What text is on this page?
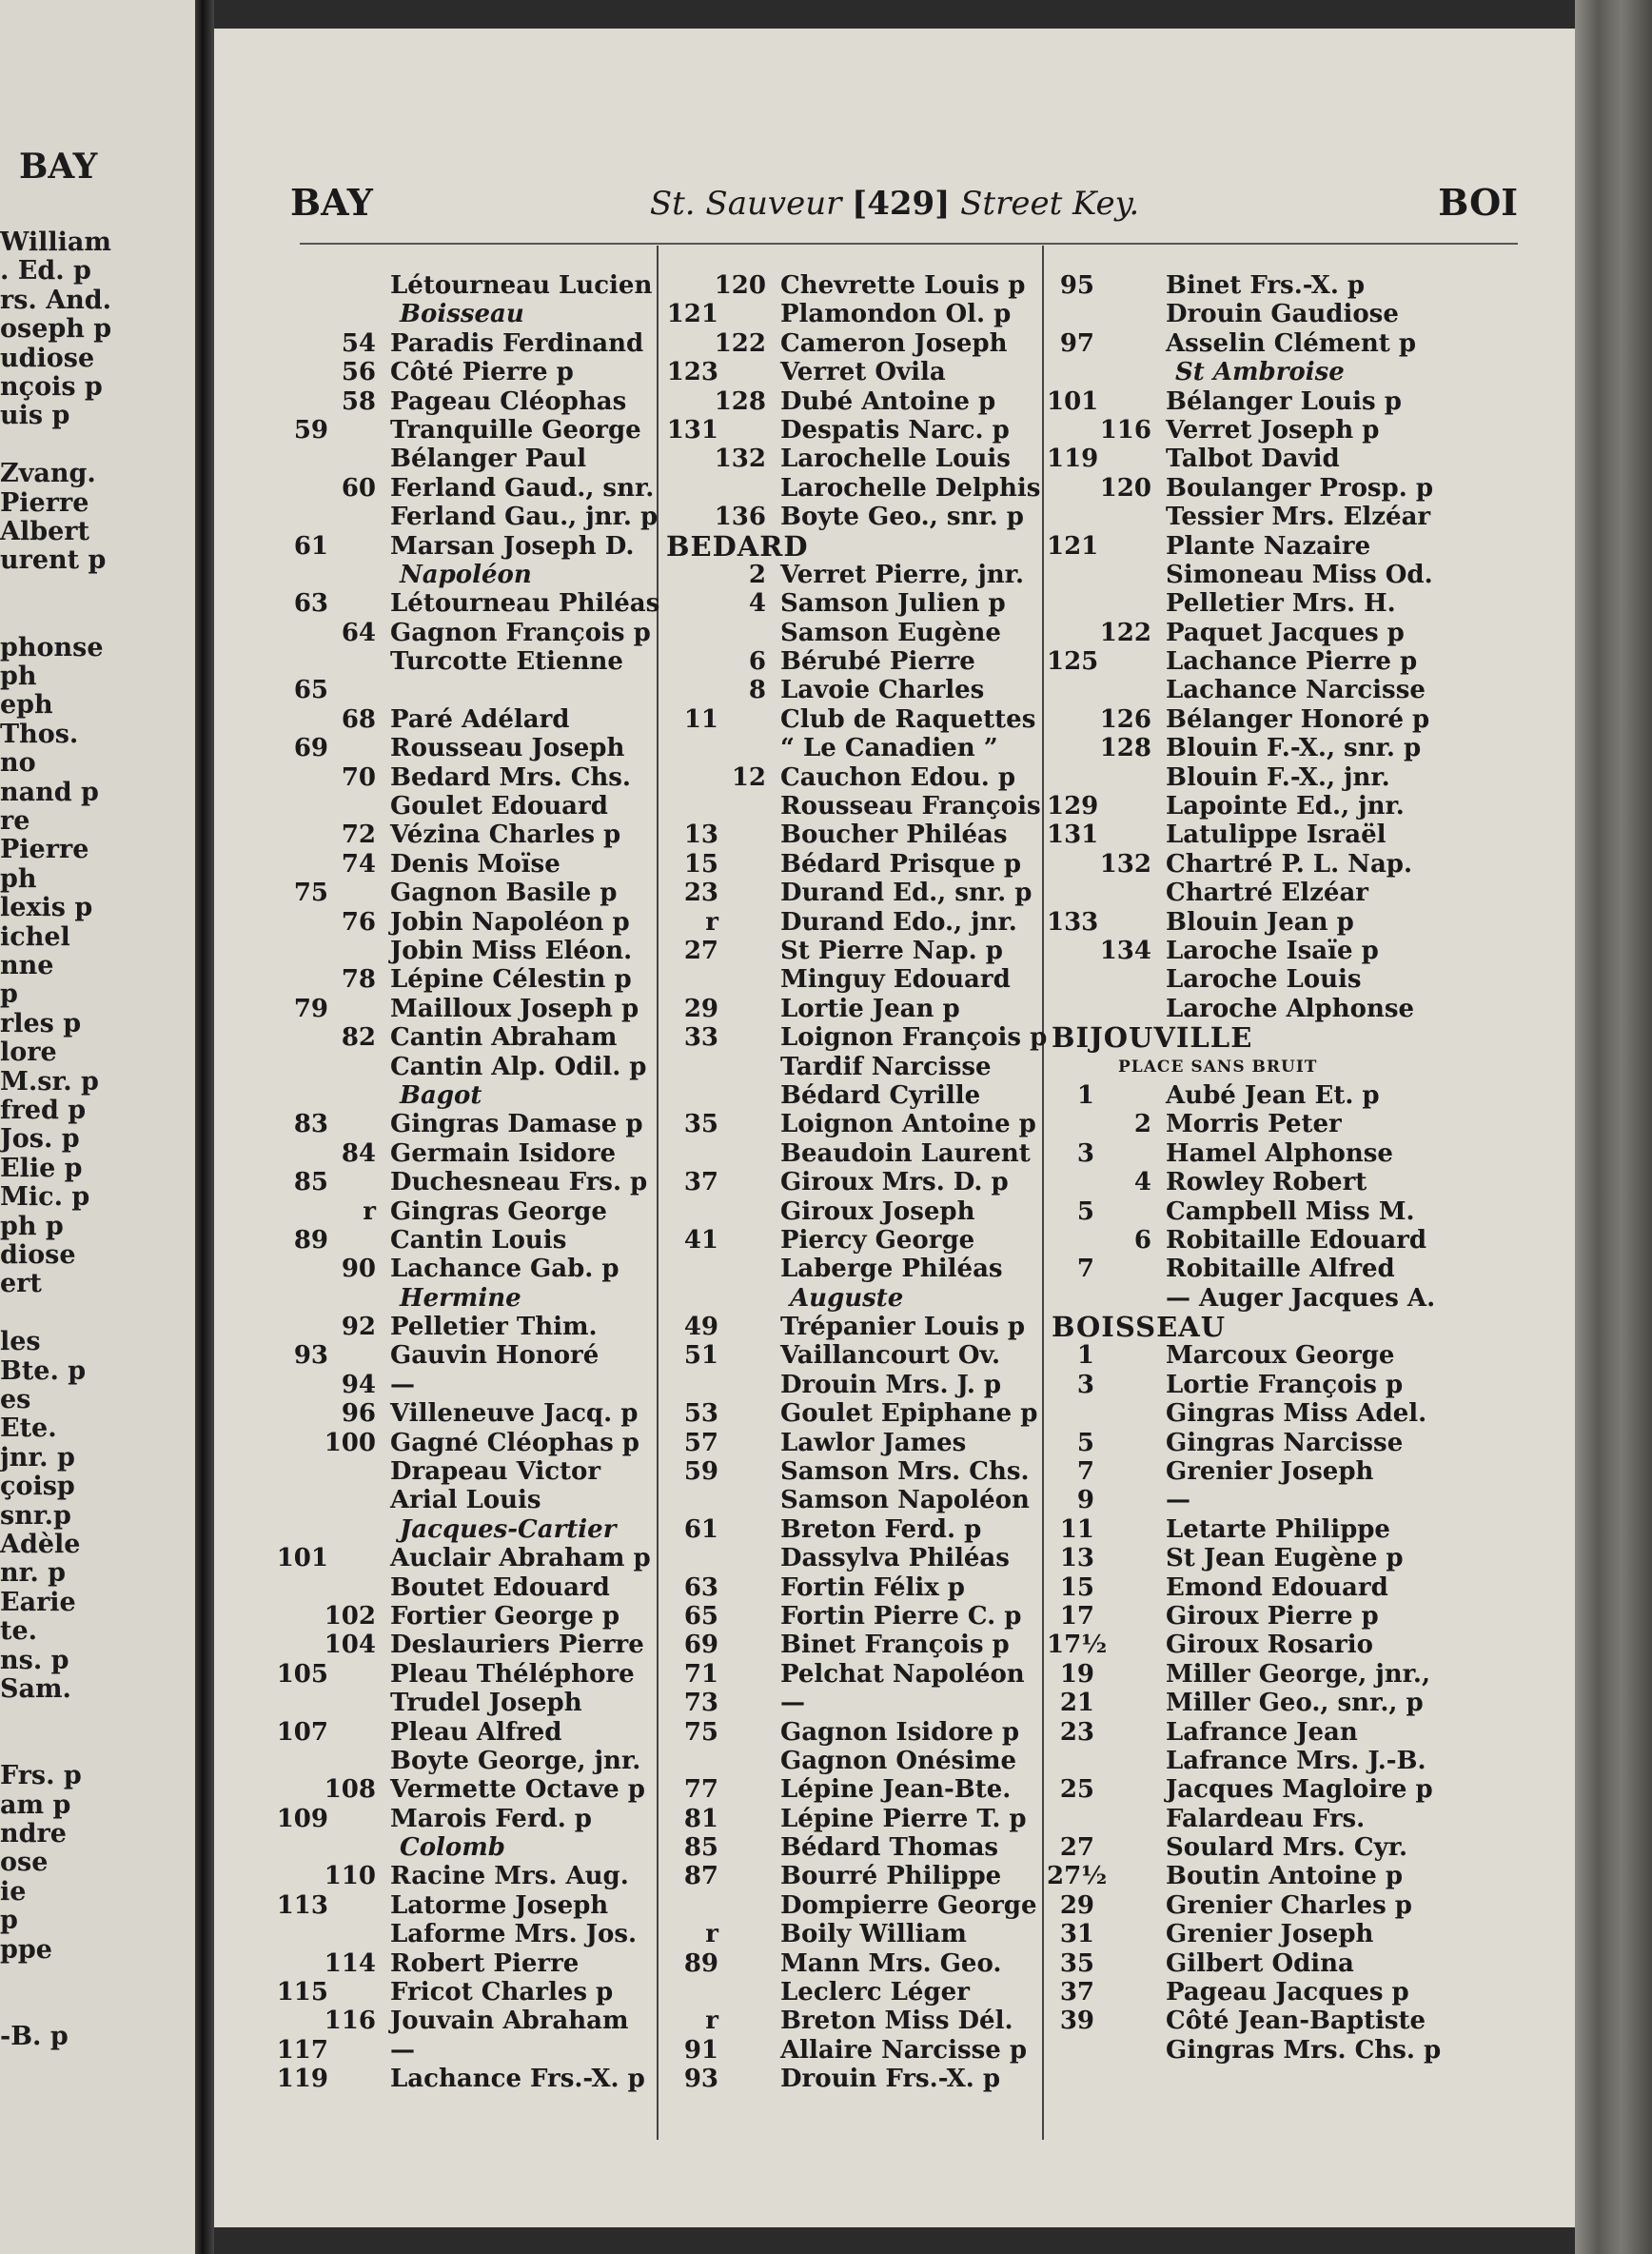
BAY
William
. Ed. p
rs. And.
oseph p
udiose
nçois p
uis p
Zvang.
Pierre
Albert
urent p
phonse
ph
eph
Thos.
no
nand p
re
Pierre
ph
lexis p
ichel
nne
p
rles p
lore
M.sr. p
fred p
Jos. p
Elie p
Mic. p
ph p
diose
ert
les
Bte. p
es
Ete.
jnr. p
çoisp
snr.p
Adèle
nr. p
Earie
te.
ns. p
Sam.
Frs. p
am p
ndre
ose
ie
p
ppe
-B. p
BAY	St. Sauveur [429] Street Key.	BOI
Létourneau Lucien
Boisseau
54 Paradis Ferdinand
56 Côté Pierre p
58 Pageau Cléophas
59	Tranquille George
Bélanger Paul
60 Ferland Gaud., snr.
Ferland Gau., jnr. p
61	Marsan Joseph D.
Napoléon
63	Létourneau Philéas
64 Gagnon François p
Turcotte Etienne
65
68 Paré Adélard
69	Rousseau Joseph
70 Bedard Mrs. Chs.
Goulet Edouard
72 Vézina Charles p
74 Denis Moïse
75	Gagnon Basile p
76 Jobin Napoléon p
Jobin Miss Eléon.
78 Lépine Célestin p
79	Mailloux Joseph p
82 Cantin Abraham
Cantin Alp. Odil. p
Bagot
83	Gingras Damase p
84 Germain Isidore
85	Duchesneau Frs. p
r Gingras George
89	Cantin Louis
90 Lachance Gab. p
Hermine
92 Pelletier Thim.
93	Gauvin Honoré
94 —
96 Villeneuve Jacq. p
100 Gagné Cléophas p
Drapeau Victor
Arial Louis
Jacques-Cartier
101	Auclair Abraham p
Boutet Edouard
102 Fortier George p
104 Deslauriers Pierre
105	Pleau Théléphore
Trudel Joseph
107	Pleau Alfred
Boyte George, jnr.
108 Vermette Octave p
109	Marois Ferd. p
Colomb
110 Racine Mrs. Aug.
113	Latorme Joseph
Laforme Mrs. Jos.
114 Robert Pierre
115	Fricot Charles p
116 Jouvain Abraham
117	—
119	Lachance Frs.-X. p
120 Chevrette Louis p
121	Plamondon Ol. p
122 Cameron Joseph
123	Verret Ovila
128 Dubé Antoine p
131	Despatis Narc. p
132 Larochelle Louis
Larochelle Delphis
136 Boyte Geo., snr. p
BEDARD
2 Verret Pierre, jnr.
4 Samson Julien p
Samson Eugène
6 Bérubé Pierre
8 Lavoie Charles
11	Club de Raquettes
“ Le Canadien ”
12 Cauchon Edou. p
Rousseau François
13	Boucher Philéas
15	Bédard Prisque p
23	Durand Ed., snr. p
r	Durand Edo., jnr.
27	St Pierre Nap. p
Minguy Edouard
29	Lortie Jean p
33	Loignon François p
Tardif Narcisse
Bédard Cyrille
35	Loignon Antoine p
Beaudoin Laurent
37	Giroux Mrs. D. p
Giroux Joseph
41	Piercy George
Laberge Philéas
Auguste
49	Trépanier Louis p
51	Vaillancourt Ov.
Drouin Mrs. J. p
53	Goulet Epiphane p
57	Lawlor James
59	Samson Mrs. Chs.
Samson Napoléon
61	Breton Ferd. p
Dassylva Philéas
63	Fortin Félix p
65	Fortin Pierre C. p
69	Binet François p
71	Pelchat Napoléon
73	—
75	Gagnon Isidore p
Gagnon Onésime
77	Lépine Jean-Bte.
81	Lépine Pierre T. p
85	Bédard Thomas
87	Bourré Philippe
Dompierre George
r	Boily William
89	Mann Mrs. Geo.
Leclerc Léger
r	Breton Miss Dél.
91	Allaire Narcisse p
93	Drouin Frs.-X. p
95	Binet Frs.-X. p
Drouin Gaudiose
97	Asselin Clément p
St Ambroise
101	Bélanger Louis p
116 Verret Joseph p
119	Talbot David
120 Boulanger Prosp. p
Tessier Mrs. Elzéar
121	Plante Nazaire
Simoneau Miss Od.
Pelletier Mrs. H.
122 Paquet Jacques p
125	Lachance Pierre p
Lachance Narcisse
126 Bélanger Honoré p
128 Blouin F.-X., snr. p
Blouin F.-X., jnr.
129	Lapointe Ed., jnr.
131	Latulippe Israël
132 Chartré P. L. Nap.
Chartré Elzéar
133	Blouin Jean p
134 Laroche Isaïe p
Laroche Louis
Laroche Alphonse
BIJOUVILLE
PLACE SANS BRUIT
1	Aubé Jean Et. p
2 Morris Peter
3	Hamel Alphonse
4 Rowley Robert
5	Campbell Miss M.
6 Robitaille Edouard
7	Robitaille Alfred
— Auger Jacques A.
BOISSEAU
1	Marcoux George
3	Lortie François p
Gingras Miss Adel.
5	Gingras Narcisse
7	Grenier Joseph
9	—
11	Letarte Philippe
13	St Jean Eugène p
15	Emond Edouard
17	Giroux Pierre p
17½ Giroux Rosario
19	Miller George, jnr.,
21	Miller Geo., snr., p
23	Lafrance Jean
Lafrance Mrs. J.-B.
25	Jacques Magloire p
Falardeau Frs.
27	Soulard Mrs. Cyr.
27½ Boutin Antoine p
29	Grenier Charles p
31	Grenier Joseph
35	Gilbert Odina
37	Pageau Jacques p
39	Côté Jean-Baptiste
Gingras Mrs. Chs. p
